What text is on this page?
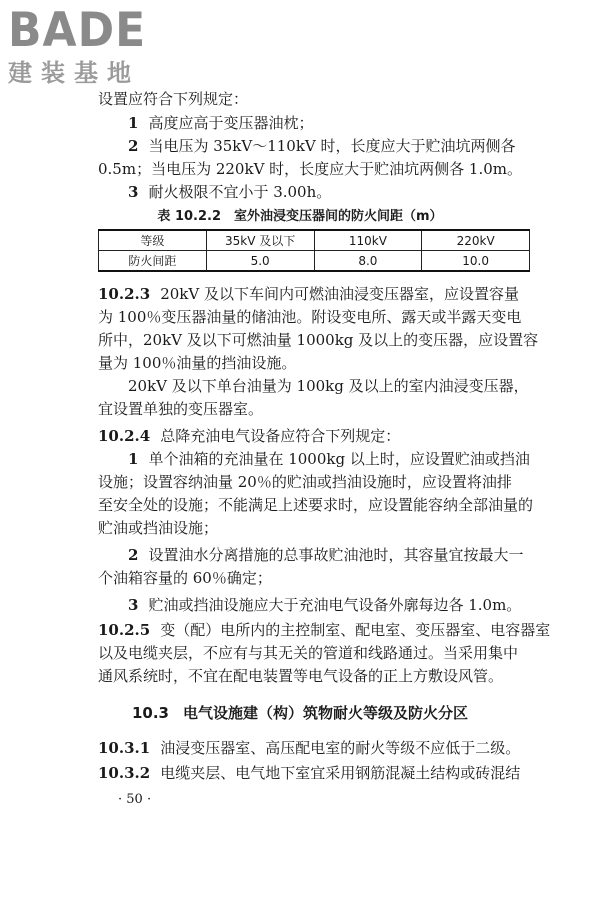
BADE
建装基地
设置应符合下列规定：
1 高度应高于变压器油枕；
2 当电压为 35kV～110kV 时，长度应大于贮油坑两侧各
0.5m；当电压为 220kV 时，长度应大于贮油坑两侧各 1.0m。
3 耐火极限不宜小于 3.00h。
表 10.2.2　室外油浸变压器间的防火间距（m）
等级	35kV 及以下	110kV	220kV
防火间距	5.0	8.0	10.0
10.2.3 20kV 及以下车间内可燃油油浸变压器室，应设置容量
为 100％变压器油量的储油池。附设变电所、露天或半露天变电
所中，20kV 及以下可燃油量 1000kg 及以上的变压器，应设置容
量为 100％油量的挡油设施。
20kV 及以下单台油量为 100kg 及以上的室内油浸变压器，
宜设置单独的变压器室。
10.2.4 总降充油电气设备应符合下列规定：
1 单个油箱的充油量在 1000kg 以上时，应设置贮油或挡油
设施；设置容纳油量 20％的贮油或挡油设施时，应设置将油排
至安全处的设施；不能满足上述要求时，应设置能容纳全部油量的
贮油或挡油设施；
2 设置油水分离措施的总事故贮油池时，其容量宜按最大一
个油箱容量的 60％确定；
3 贮油或挡油设施应大于充油电气设备外廓每边各 1.0m。
10.2.5 变（配）电所内的主控制室、配电室、变压器室、电容器室
以及电缆夹层，不应有与其无关的管道和线路通过。当采用集中
通风系统时，不宜在配电装置等电气设备的正上方敷设风管。
10.3 电气设施建（构）筑物耐火等级及防火分区
10.3.1 油浸变压器室、高压配电室的耐火等级不应低于二级。
10.3.2 电缆夹层、电气地下室宜采用钢筋混凝土结构或砖混结
· 50 ·
